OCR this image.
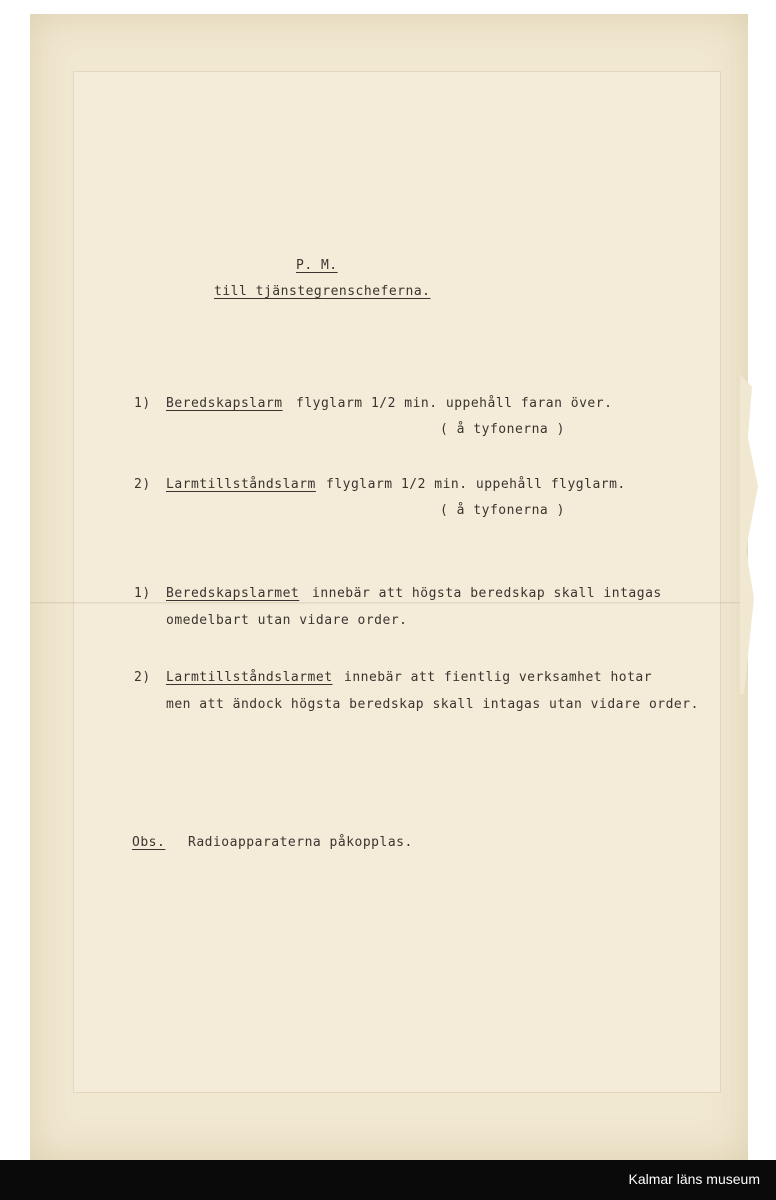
P. M.
till tjänstegrenscheferna.
1) Beredskapslarm flyglarm 1/2 min. uppehåll faran över.
( å tyfonerna )
2) Larmtillståndslarm flyglarm 1/2 min. uppehåll flyglarm.
( å tyfonerna )
1) Beredskapslarmet innebär att högsta beredskap skall intagas
omedelbart utan vidare order.
2) Larmtillståndslarmet innebär att fientlig verksamhet hotar
men att ändock högsta beredskap skall intagas utan vidare order.
Obs. Radioapparaterna påkopplas.
Kalmar läns museum
